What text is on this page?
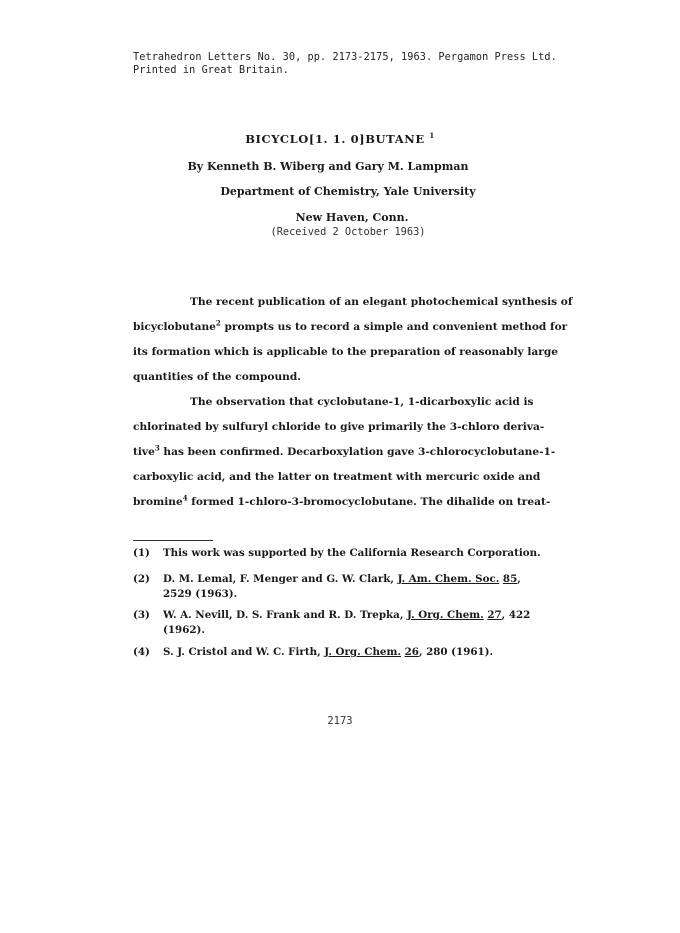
Tetrahedron Letters No. 30, pp. 2173-2175, 1963. Pergamon Press Ltd.
Printed in Great Britain.
BICYCLO[1. 1. 0]BUTANE $^1$
By Kenneth B. Wiberg and Gary M. Lampman
Department of Chemistry, Yale University
New Haven, Conn.
(Received 2 October 1963)
The recent publication of an elegant photochemical synthesis of
bicyclobutane$^2$ prompts us to record a simple and convenient method for
its formation which is applicable to the preparation of reasonably large
quantities of the compound.
The observation that cyclobutane-1, 1-dicarboxylic acid is
chlorinated by sulfuryl chloride to give primarily the 3-chloro deriva-
tive$^3$ has been confirmed. Decarboxylation gave 3-chlorocyclobutane-1-
carboxylic acid, and the latter on treatment with mercuric oxide and
bromine$^4$ formed 1-chloro-3-bromocyclobutane. The dihalide on treat-
(1) This work was supported by the California Research Corporation.
(2) D. M. Lemal, F. Menger and G. W. Clark, J. Am. Chem. Soc. 85,
2529 (1963).
(3) W. A. Nevill, D. S. Frank and R. D. Trepka, J. Org. Chem. 27, 422
(1962).
(4) S. J. Cristol and W. C. Firth, J. Org. Chem. 26, 280 (1961).
2173
